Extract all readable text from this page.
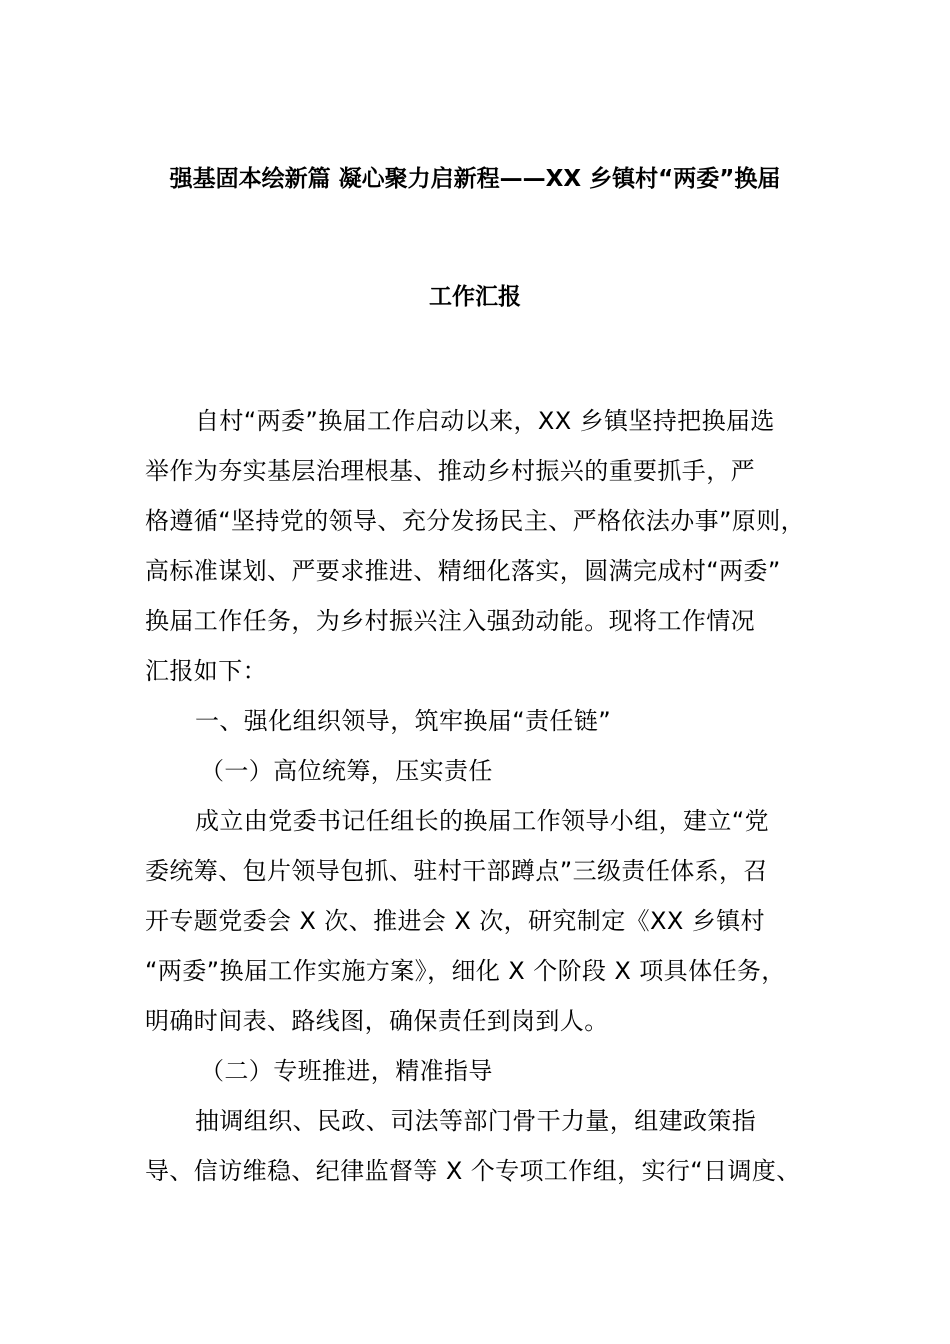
强基固本绘新篇 凝心聚力启新程——XX 乡镇村“两委”换届
工作汇报
自村“两委”换届工作启动以来，XX 乡镇坚持把换届选
举作为夯实基层治理根基、推动乡村振兴的重要抓手，严
格遵循“坚持党的领导、充分发扬民主、严格依法办事”原则，
高标准谋划、严要求推进、精细化落实，圆满完成村“两委”
换届工作任务，为乡村振兴注入强劲动能。现将工作情况
汇报如下：
一、强化组织领导，筑牢换届“责任链”
（一）高位统筹，压实责任
成立由党委书记任组长的换届工作领导小组，建立“党
委统筹、包片领导包抓、驻村干部蹲点”三级责任体系，召
开专题党委会 X 次、推进会 X 次，研究制定《XX 乡镇村
“两委”换届工作实施方案》，细化 X 个阶段 X 项具体任务，
明确时间表、路线图，确保责任到岗到人。
（二）专班推进，精准指导
抽调组织、民政、司法等部门骨干力量，组建政策指
导、信访维稳、纪律监督等 X 个专项工作组，实行“日调度、
